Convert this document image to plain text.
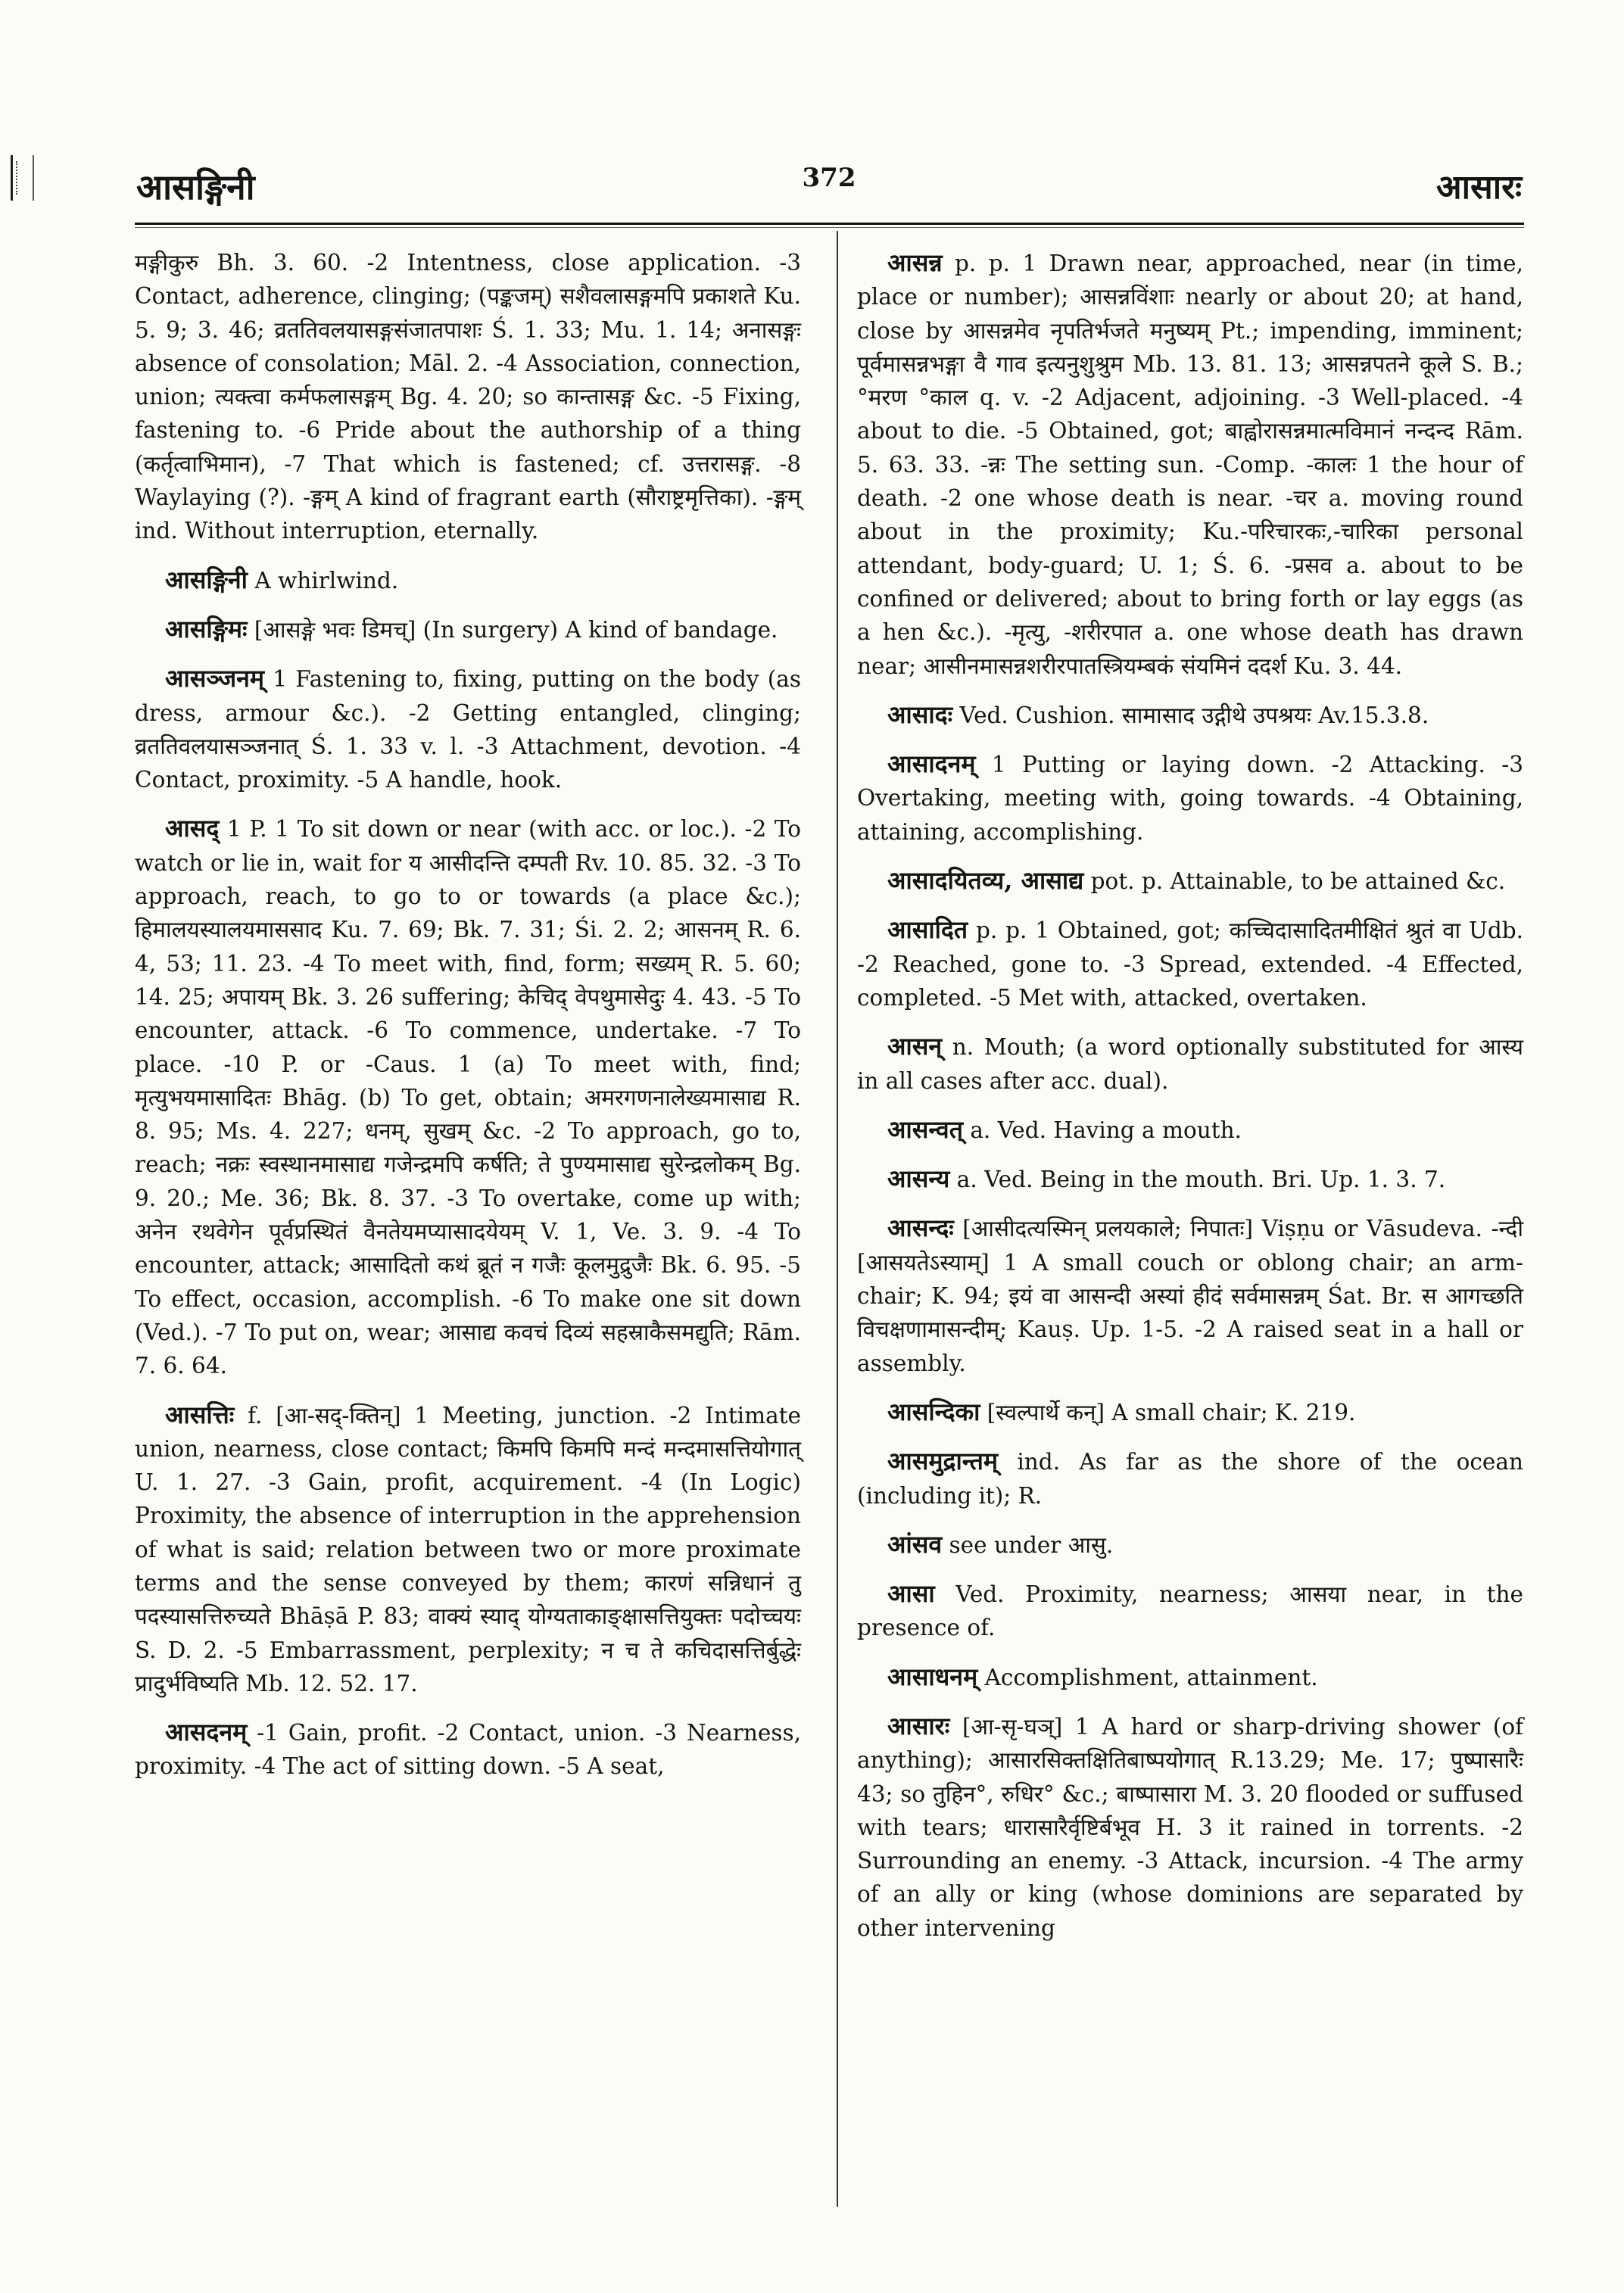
आसङ्गिनी	372	आसारः

मङ्गीकुरु Bh. 3. 60. -2 Intentness, close application. -3 Contact, adherence, clinging; (पङ्कजम्) सशैवलासङ्गमपि प्रकाशते Ku. 5. 9; 3. 46; व्रततिवलयासङ्गसंजातपाशः Ś. 1. 33; Mu. 1. 14; अनासङ्गः absence of consolation; Māl. 2. -4 Association, connection, union; त्यक्त्वा कर्मफलासङ्गम् Bg. 4. 20; so कान्तासङ्ग &c. -5 Fixing, fastening to. -6 Pride about the authorship of a thing (कर्तृत्वाभिमान), -7 That which is fastened; cf. उत्तरासङ्ग. -8 Waylaying (?). -ङ्गम् A kind of fragrant earth (सौराष्ट्रमृत्तिका). -ङ्गम् ind. Without interruption, eternally.

आसङ्गिनी A whirlwind.

आसङ्गिमः [आसङ्गे भवः डिमच्] (In surgery) A kind of bandage.

आसञ्जनम् 1 Fastening to, fixing, putting on the body (as dress, armour &c.). -2 Getting entangled, clinging; व्रततिवलयासञ्जनात् Ś. 1. 33 v. l. -3 Attachment, devotion. -4 Contact, proximity. -5 A handle, hook.

आसद् 1 P. 1 To sit down or near (with acc. or loc.). -2 To watch or lie in, wait for य आसीदन्ति दम्पती Rv. 10. 85. 32. -3 To approach, reach, to go to or towards (a place &c.); हिमालयस्यालयमाससाद Ku. 7. 69; Bk. 7. 31; Śi. 2. 2; आसनम् R. 6. 4, 53; 11. 23. -4 To meet with, find, form; सख्यम् R. 5. 60; 14. 25; अपायम् Bk. 3. 26 suffering; केचिद् वेपथुमासेदुः 4. 43. -5 To encounter, attack. -6 To commence, undertake. -7 To place. -10 P. or -Caus. 1 (a) To meet with, find; मृत्युभयमासादितः Bhāg. (b) To get, obtain; अमरगणनालेख्यमासाद्य R. 8. 95; Ms. 4. 227; धनम्, सुखम् &c. -2 To approach, go to, reach; नक्रः स्वस्थानमासाद्य गजेन्द्रमपि कर्षति; ते पुण्यमासाद्य सुरेन्द्रलोकम् Bg. 9. 20.; Me. 36; Bk. 8. 37. -3 To overtake, come up with; अनेन रथवेगेन पूर्वप्रस्थितं वैनतेयमप्यासादयेयम् V. 1, Ve. 3. 9. -4 To encounter, attack; आसादितो कथं ब्रूतं न गजैः कूलमुद्रुजैः Bk. 6. 95. -5 To effect, occasion, accomplish. -6 To make one sit down (Ved.). -7 To put on, wear; आसाद्य कवचं दिव्यं सहस्राकैसमद्युति; Rām. 7. 6. 64.

आसत्तिः f. [आ-सद्-क्तिन्] 1 Meeting, junction. -2 Intimate union, nearness, close contact; किमपि किमपि मन्दं मन्दमासत्तियोगात् U. 1. 27. -3 Gain, profit, acquirement. -4 (In Logic) Proximity, the absence of interruption in the apprehension of what is said; relation between two or more proximate terms and the sense conveyed by them; कारणं सन्निधानं तु पदस्यासत्तिरुच्यते Bhāṣā P. 83; वाक्यं स्याद् योग्यताकाङ्क्षासत्तियुक्तः पदोच्चयः S. D. 2. -5 Embarrassment, perplexity; न च ते कचिदासत्तिर्बुद्धेः प्रादुर्भविष्यति Mb. 12. 52. 17.

आसदनम् -1 Gain, profit. -2 Contact, union. -3 Nearness, proximity. -4 The act of sitting down. -5 A seat,

आसन्न p. p. 1 Drawn near, approached, near (in time, place or number); आसन्नविंशाः nearly or about 20; at hand, close by आसन्नमेव नृपतिर्भजते मनुष्यम् Pt.; impending, imminent; पूर्वमासन्नभङ्गा वै गाव इत्यनुशुश्रुम Mb. 13. 81. 13; आसन्नपतने कूले S. B.; °मरण °काल q. v. -2 Adjacent, adjoining. -3 Well-placed. -4 about to die. -5 Obtained, got; बाह्वोरासन्नमात्मविमानं नन्दन्द Rām. 5. 63. 33. -न्नः The setting sun. -Comp. -कालः 1 the hour of death. -2 one whose death is near. -चर a. moving round about in the proximity; Ku.-परिचारकः,-चारिका personal attendant, body-guard; U. 1; Ś. 6. -प्रसव a. about to be confined or delivered; about to bring forth or lay eggs (as a hen &c.). -मृत्यु, -शरीरपात a. one whose death has drawn near; आसीनमासन्नशरीरपातस्त्रियम्बकं संयमिनं ददर्श Ku. 3. 44.

आसादः Ved. Cushion. सामासाद उद्गीथे उपश्रयः Av.15.3.8.

आसादनम् 1 Putting or laying down. -2 Attacking. -3 Overtaking, meeting with, going towards. -4 Obtaining, attaining, accomplishing.

आसादयितव्य, आसाद्य pot. p. Attainable, to be attained &c.

आसादित p. p. 1 Obtained, got; कच्चिदासादितमीक्षितं श्रुतं वा Udb. -2 Reached, gone to. -3 Spread, extended. -4 Effected, completed. -5 Met with, attacked, overtaken.

आसन् n. Mouth; (a word optionally substituted for आस्य in all cases after acc. dual).

आसन्वत् a. Ved. Having a mouth.

आसन्य a. Ved. Being in the mouth. Bri. Up. 1. 3. 7.

आसन्दः [आसीदत्यस्मिन् प्रलयकाले; निपातः] Viṣṇu or Vāsudeva. -न्दी [आसयतेऽस्याम्] 1 A small couch or oblong chair; an arm-chair; K. 94; इयं वा आसन्दी अस्यां हीदं सर्वमासन्नम् Śat. Br. स आगच्छति विचक्षणामासन्दीम्; Kauṣ. Up. 1-5. -2 A raised seat in a hall or assembly.

आसन्दिका [स्वल्पार्थे कन्] A small chair; K. 219.

आसमुद्रान्तम् ind. As far as the shore of the ocean (including it); R.

आंसव see under आसु.

आसा Ved. Proximity, nearness; आसया near, in the presence of.

आसाधनम् Accomplishment, attainment.

आसारः [आ-सृ-घञ्] 1 A hard or sharp-driving shower (of anything); आसारसिक्तक्षितिबाष्पयोगात् R.13.29; Me. 17; पुष्पासारैः 43; so तुहिन°, रुधिर° &c.; बाष्पासारा M. 3. 20 flooded or suffused with tears; धारासारैर्वृष्टिर्बभूव H. 3 it rained in torrents. -2 Surrounding an enemy. -3 Attack, incursion. -4 The army of an ally or king (whose dominions are separated by other intervening
